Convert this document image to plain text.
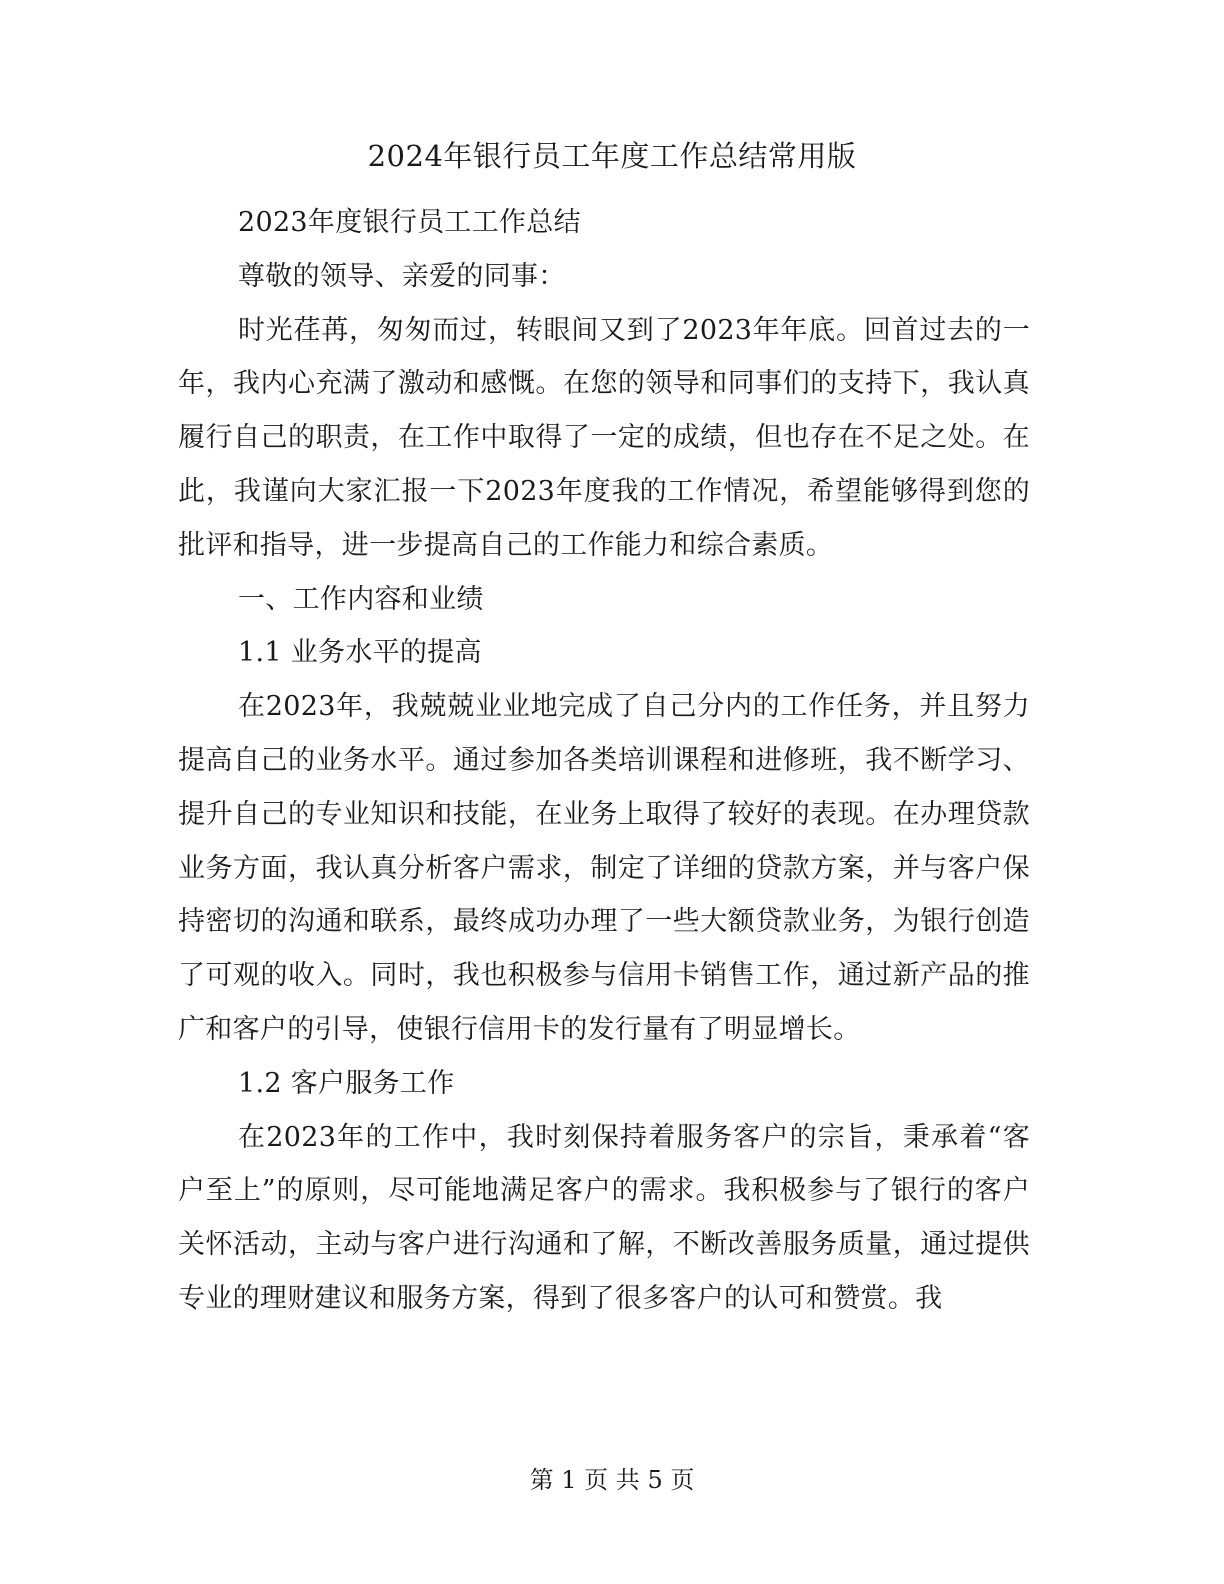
2024年银行员工年度工作总结常用版

2023年度银行员工工作总结

尊敬的领导、亲爱的同事：

时光荏苒，匆匆而过，转眼间又到了2023年年底。回首过去的一年，我内心充满了激动和感慨。在您的领导和同事们的支持下，我认真履行自己的职责，在工作中取得了一定的成绩，但也存在不足之处。在此，我谨向大家汇报一下2023年度我的工作情况，希望能够得到您的批评和指导，进一步提高自己的工作能力和综合素质。

一、工作内容和业绩

1.1 业务水平的提高

在2023年，我兢兢业业地完成了自己分内的工作任务，并且努力提高自己的业务水平。通过参加各类培训课程和进修班，我不断学习、提升自己的专业知识和技能，在业务上取得了较好的表现。在办理贷款业务方面，我认真分析客户需求，制定了详细的贷款方案，并与客户保持密切的沟通和联系，最终成功办理了一些大额贷款业务，为银行创造了可观的收入。同时，我也积极参与信用卡销售工作，通过新产品的推广和客户的引导，使银行信用卡的发行量有了明显增长。

1.2 客户服务工作

在2023年的工作中，我时刻保持着服务客户的宗旨，秉承着“客户至上”的原则，尽可能地满足客户的需求。我积极参与了银行的客户关怀活动，主动与客户进行沟通和了解，不断改善服务质量，通过提供专业的理财建议和服务方案，得到了很多客户的认可和赞赏。我

第 1 页 共 5 页
